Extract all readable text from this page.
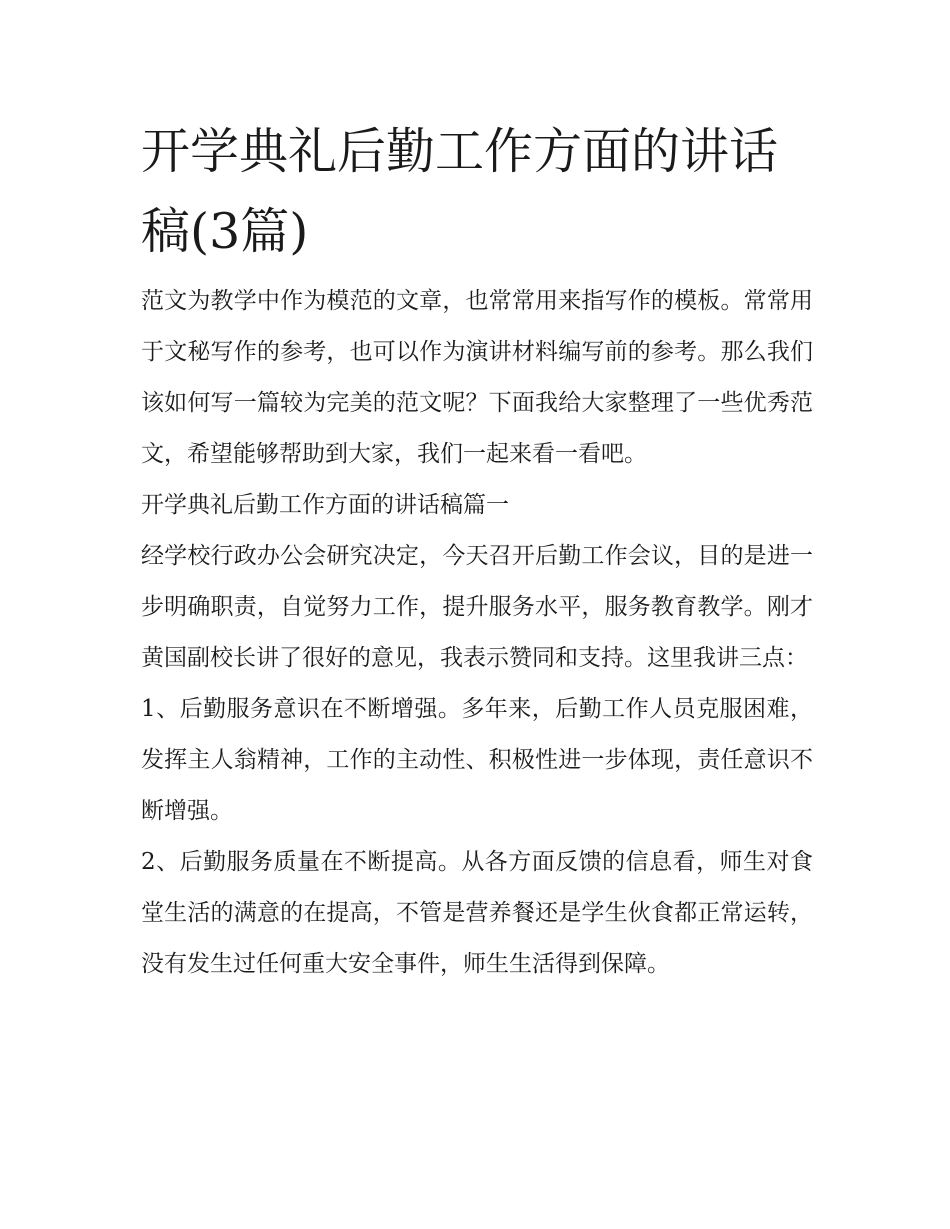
开学典礼后勤工作方面的讲话稿(3篇)

范文为教学中作为模范的文章，也常常用来指写作的模板。常常用于文秘写作的参考，也可以作为演讲材料编写前的参考。那么我们该如何写一篇较为完美的范文呢？下面我给大家整理了一些优秀范文，希望能够帮助到大家，我们一起来看一看吧。

开学典礼后勤工作方面的讲话稿篇一

经学校行政办公会研究决定，今天召开后勤工作会议，目的是进一步明确职责，自觉努力工作，提升服务水平，服务教育教学。刚才黄国副校长讲了很好的意见，我表示赞同和支持。这里我讲三点：

1、后勤服务意识在不断增强。多年来，后勤工作人员克服困难，发挥主人翁精神，工作的主动性、积极性进一步体现，责任意识不断增强。

2、后勤服务质量在不断提高。从各方面反馈的信息看，师生对食堂生活的满意的在提高，不管是营养餐还是学生伙食都正常运转，没有发生过任何重大安全事件，师生生活得到保障。
